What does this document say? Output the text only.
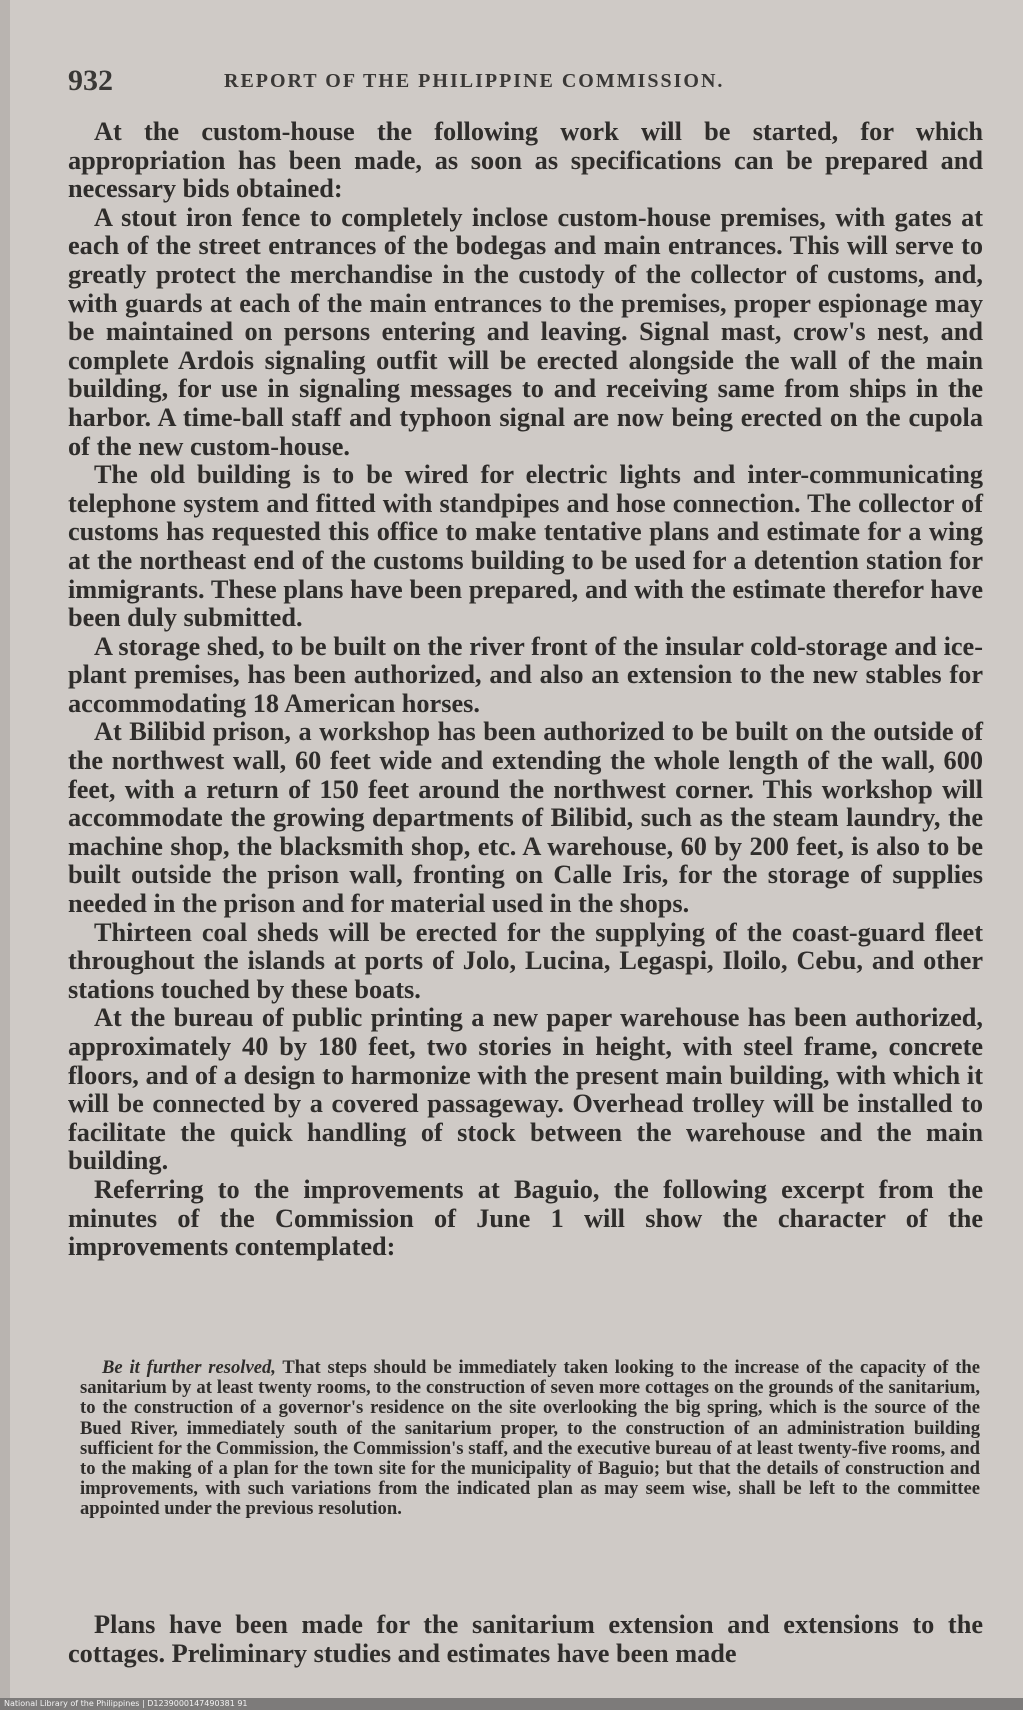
932	REPORT OF THE PHILIPPINE COMMISSION.

At the custom-house the following work will be started, for which appropriation has been made, as soon as specifications can be prepared and necessary bids obtained:

A stout iron fence to completely inclose custom-house premises, with gates at each of the street entrances of the bodegas and main entrances. This will serve to greatly protect the merchandise in the custody of the collector of customs, and, with guards at each of the main entrances to the premises, proper espionage may be maintained on persons entering and leaving. Signal mast, crow's nest, and complete Ardois signaling outfit will be erected alongside the wall of the main building, for use in signaling messages to and receiving same from ships in the harbor. A time-ball staff and typhoon signal are now being erected on the cupola of the new custom-house.

The old building is to be wired for electric lights and inter-communicating telephone system and fitted with standpipes and hose connection. The collector of customs has requested this office to make tentative plans and estimate for a wing at the northeast end of the customs building to be used for a detention station for immigrants. These plans have been prepared, and with the estimate therefor have been duly submitted.

A storage shed, to be built on the river front of the insular cold-storage and ice-plant premises, has been authorized, and also an extension to the new stables for accommodating 18 American horses.

At Bilibid prison, a workshop has been authorized to be built on the outside of the northwest wall, 60 feet wide and extending the whole length of the wall, 600 feet, with a return of 150 feet around the northwest corner. This workshop will accommodate the growing departments of Bilibid, such as the steam laundry, the machine shop, the blacksmith shop, etc. A warehouse, 60 by 200 feet, is also to be built outside the prison wall, fronting on Calle Iris, for the storage of supplies needed in the prison and for material used in the shops.

Thirteen coal sheds will be erected for the supplying of the coast-guard fleet throughout the islands at ports of Jolo, Lucina, Legaspi, Iloilo, Cebu, and other stations touched by these boats.

At the bureau of public printing a new paper warehouse has been authorized, approximately 40 by 180 feet, two stories in height, with steel frame, concrete floors, and of a design to harmonize with the present main building, with which it will be connected by a covered passageway. Overhead trolley will be installed to facilitate the quick handling of stock between the warehouse and the main building.

Referring to the improvements at Baguio, the following excerpt from the minutes of the Commission of June 1 will show the character of the improvements contemplated:

Be it further resolved, That steps should be immediately taken looking to the increase of the capacity of the sanitarium by at least twenty rooms, to the construction of seven more cottages on the grounds of the sanitarium, to the construction of a governor's residence on the site overlooking the big spring, which is the source of the Bued River, immediately south of the sanitarium proper, to the construction of an administration building sufficient for the Commission, the Commission's staff, and the executive bureau of at least twenty-five rooms, and to the making of a plan for the town site for the municipality of Baguio; but that the details of construction and improvements, with such variations from the indicated plan as may seem wise, shall be left to the committee appointed under the previous resolution.

Plans have been made for the sanitarium extension and extensions to the cottages. Preliminary studies and estimates have been made

National Library of the Philippines | D1239000147490381 91
